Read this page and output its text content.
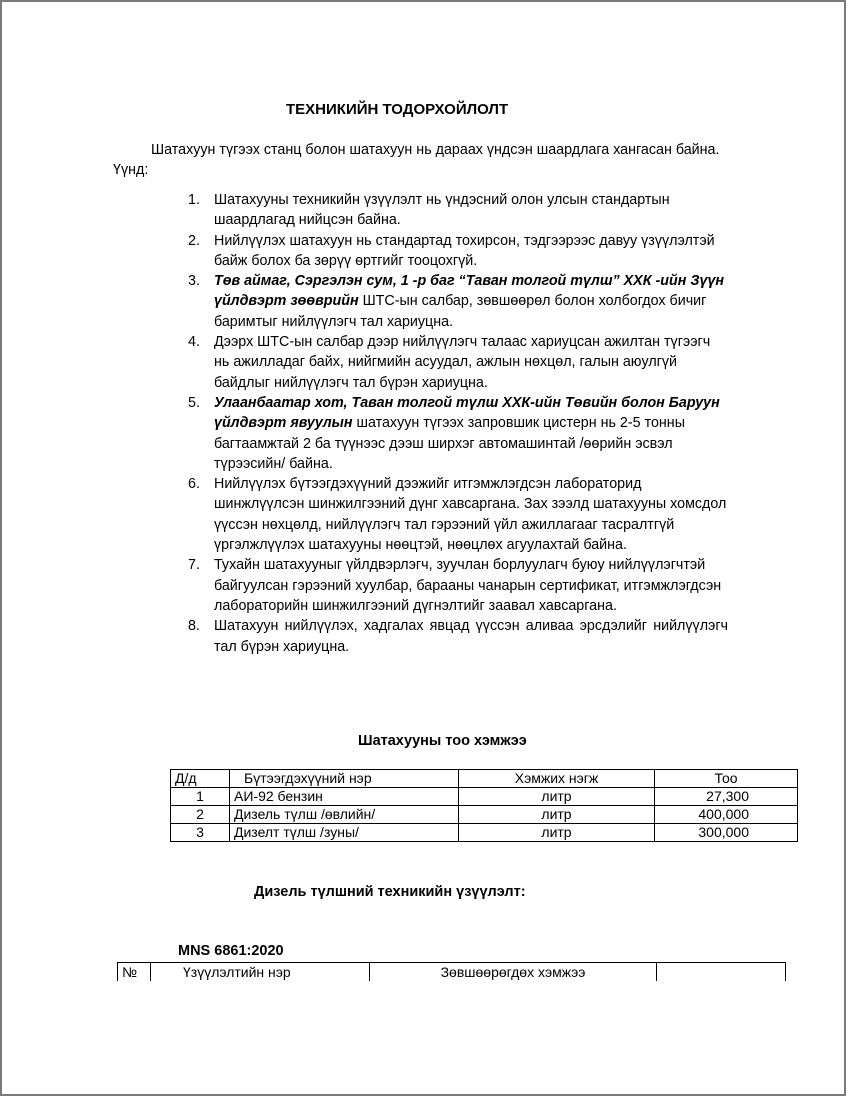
ТЕХНИКИЙН ТОДОРХОЙЛОЛТ
Шатахуун түгээх станц болон шатахуун нь дараах үндсэн шаардлага хангасан байна. Үүнд:
1. Шатахууны техникийн үзүүлэлт нь үндэсний олон улсын стандартын шаардлагад нийцсэн байна.
2. Нийлүүлэх шатахуун нь стандартад тохирсон, тэдгээрээс давуу үзүүлэлтэй байж болох ба зөрүү өртгийг тооцохгүй.
3. Төв аймаг, Сэргэлэн сум, 1 -р баг “Таван толгой түлш” ХХК -ийн Зүүн үйлдвэрт зөөврийн ШТС-ын салбар, зөвшөөрөл болон холбогдох бичиг баримтыг нийлүүлэгч тал хариуцна.
4. Дээрх ШТС-ын салбар дээр нийлүүлэгч талаас хариуцсан ажилтан түгээгч нь ажилладаг байх, нийгмийн асуудал, ажлын нөхцөл, галын аюулгүй байдлыг нийлүүлэгч тал бүрэн хариуцна.
5. Улаанбаатар хот, Таван толгой түлш ХХК-ийн Төвийн болон Баруун үйлдвэрт явуулын шатахуун түгээх запровшик цистерн нь 2-5 тонны багтаамжтай 2 ба түүнээс дээш ширхэг автомашинтай /өөрийн эсвэл түрээсийн/ байна.
6. Нийлүүлэх бүтээгдэхүүний дээжийг итгэмжлэгдсэн лабораторид шинжлүүлсэн шинжилгээний дүнг хавсаргана. Зах зээлд шатахууны хомсдол үүссэн нөхцөлд, нийлүүлэгч тал гэрээний үйл ажиллагааг тасралтгүй үргэлжлүүлэх шатахууны нөөцтэй, нөөцлөх агуулахтай байна.
7. Тухайн шатахууныг үйлдвэрлэгч, зуучлан борлуулагч буюу нийлүүлэгчтэй байгуулсан гэрээний хуулбар, барааны чанарын сертификат, итгэмжлэгдсэн лабораторийн шинжилгээний дүгнэлтийг заавал хавсаргана.
8. Шатахуун нийлүүлэх, хадгалах явцад үүссэн аливаа эрсдэлийг нийлүүлэгч тал бүрэн хариуцна.
Шатахууны тоо хэмжээ
Д/д	Бүтээгдэхүүний нэр	Хэмжих нэгж	Тоо
1	АИ-92 бензин	литр	27,300
2	Дизель түлш /өвлийн/	литр	400,000
3	Дизелт түлш /зуны/	литр	300,000
Дизель түлшний техникийн үзүүлэлт:
MNS 6861:2020
№	Үзүүлэлтийн нэр	Зөвшөөрөгдөх хэмжээ	
